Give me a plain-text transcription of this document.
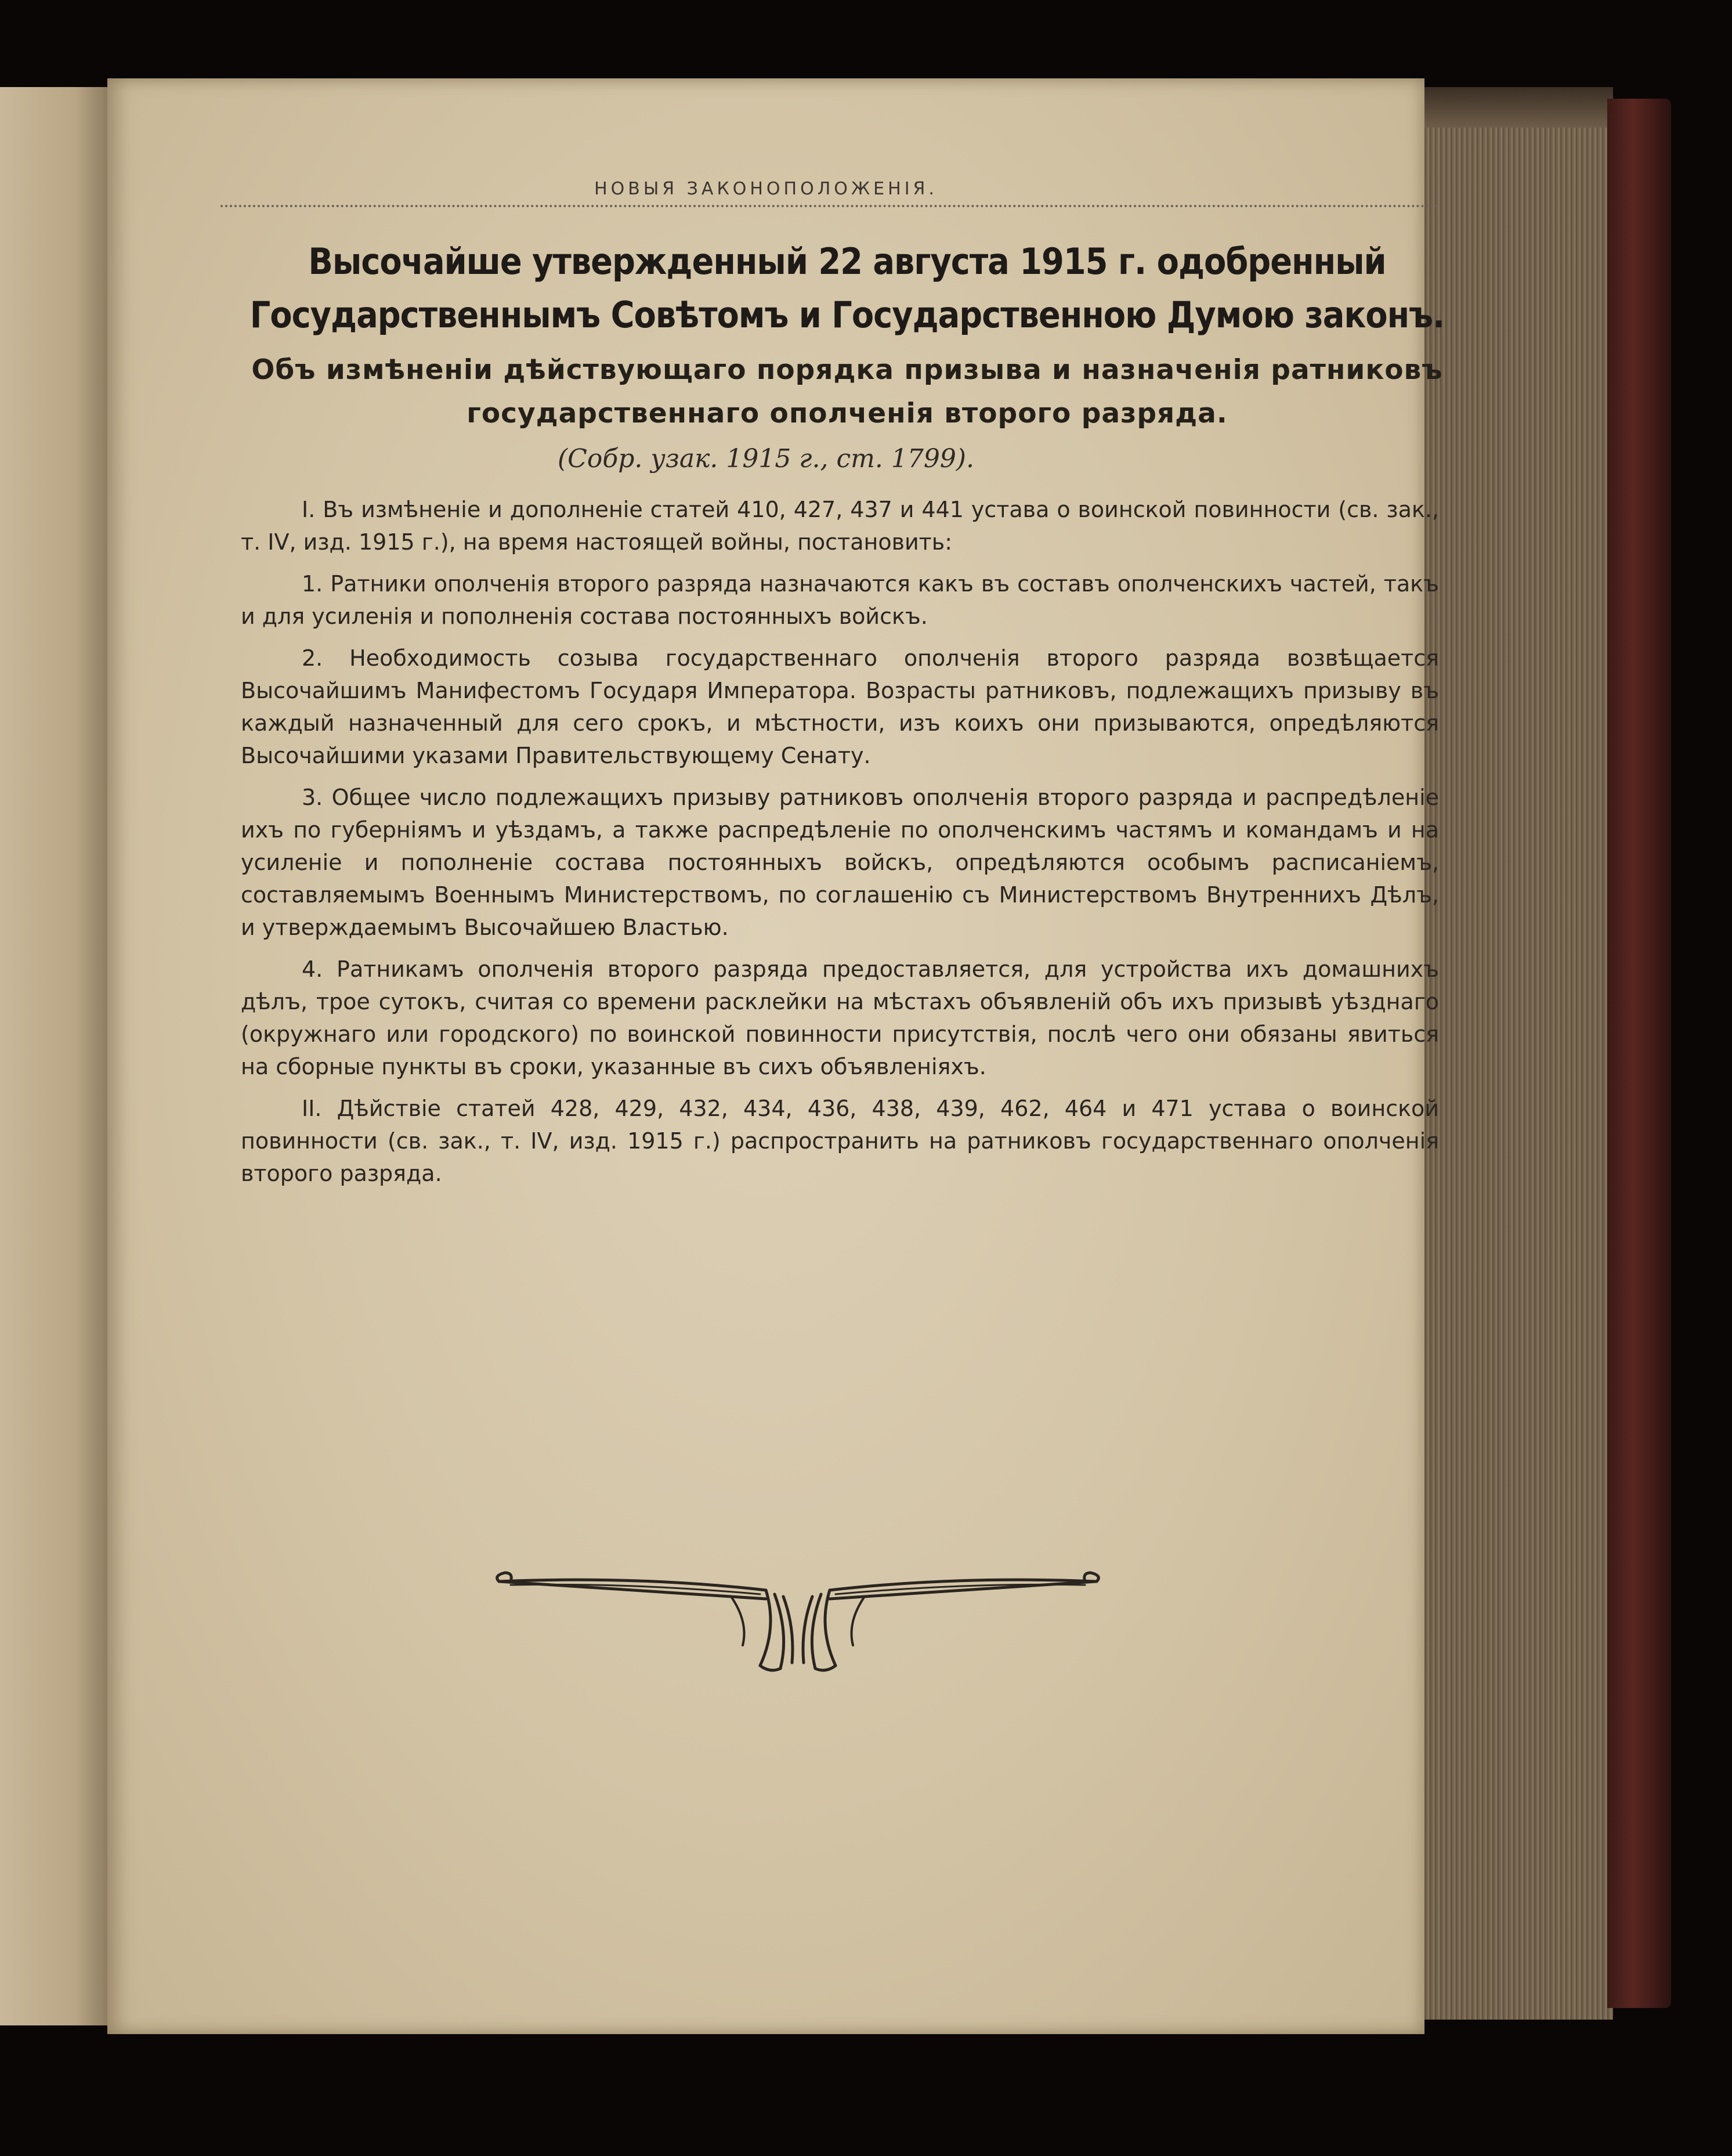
НОВЫЯ ЗАКОНОПОЛОЖЕНІЯ.
Высочайше утвержденный 22 августа 1915 г. одобренный Государственнымъ Совѣтомъ и Государственною Думою законъ.
Объ измѣненіи дѣйствующаго порядка призыва и назначенія ратниковъ государственнаго ополченія второго разряда.
(Собр. узак. 1915 г., ст. 1799).

I. Въ измѣненіе и дополненіе статей 410, 427, 437 и 441 устава о воинской повинности (св. зак., т. IV, изд. 1915 г.), на время настоящей войны, постановить:

1. Ратники ополченія второго разряда назначаются какъ въ составъ ополченскихъ частей, такъ и для усиленія и пополненія состава постоянныхъ войскъ.

2. Необходимость созыва государственнаго ополченія второго разряда возвѣщается Высочайшимъ Манифестомъ Государя Императора. Возрасты ратниковъ, подлежащихъ призыву въ каждый назначенный для сего срокъ, и мѣстности, изъ коихъ они призываются, опредѣляются Высочайшими указами Правительствующему Сенату.

3. Общее число подлежащихъ призыву ратниковъ ополченія второго разряда и распредѣленіе ихъ по губерніямъ и уѣздамъ, а также распредѣленіе по ополченскимъ частямъ и командамъ и на усиленіе и пополненіе состава постоянныхъ войскъ, опредѣляются особымъ расписаніемъ, составляемымъ Военнымъ Министерствомъ, по соглашенію съ Министерствомъ Внутреннихъ Дѣлъ, и утверждаемымъ Высочайшею Властью.

4. Ратникамъ ополченія второго разряда предоставляется, для устройства ихъ домашнихъ дѣлъ, трое сутокъ, считая со времени расклейки на мѣстахъ объявленій объ ихъ призывѣ уѣзднаго (окружнаго или городского) по воинской повинности присутствія, послѣ чего они обязаны явиться на сборные пункты въ сроки, указанные въ сихъ объявленіяхъ.

II. Дѣйствіе статей 428, 429, 432, 434, 436, 438, 439, 462, 464 и 471 устава о воинской повинности (св. зак., т. IV, изд. 1915 г.) распространить на ратниковъ государственнаго ополченія второго разряда.
